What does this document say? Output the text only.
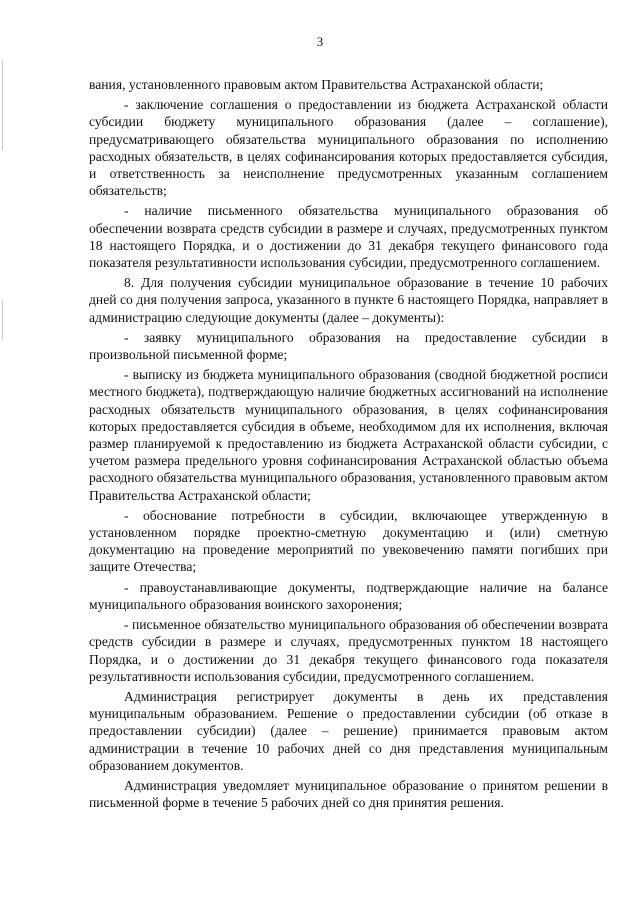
3

вания, установленного правовым актом Правительства Астраханской области;

- заключение соглашения о предоставлении из бюджета Астраханской области субсидии бюджету муниципального образования (далее – соглашение), предусматривающего обязательства муниципального образования по исполнению расходных обязательств, в целях софинансирования которых предоставляется субсидия, и ответственность за неисполнение предусмотренных указанным соглашением обязательств;

- наличие письменного обязательства муниципального образования об обеспечении возврата средств субсидии в размере и случаях, предусмотренных пунктом 18 настоящего Порядка, и о достижении до 31 декабря текущего финансового года показателя результативности использования субсидии, предусмотренного соглашением.

8. Для получения субсидии муниципальное образование в течение 10 рабочих дней со дня получения запроса, указанного в пункте 6 настоящего Порядка, направляет в администрацию следующие документы (далее – документы):

- заявку муниципального образования на предоставление субсидии в произвольной письменной форме;

- выписку из бюджета муниципального образования (сводной бюджетной росписи местного бюджета), подтверждающую наличие бюджетных ассигнований на исполнение расходных обязательств муниципального образования, в целях софинансирования которых предоставляется субсидия в объеме, необходимом для их исполнения, включая размер планируемой к предоставлению из бюджета Астраханской области субсидии, с учетом размера предельного уровня софинансирования Астраханской областью объема расходного обязательства муниципального образования, установленного правовым актом Правительства Астраханской области;

- обоснование потребности в субсидии, включающее утвержденную в установленном порядке проектно-сметную документацию и (или) сметную документацию на проведение мероприятий по увековечению памяти погибших при защите Отечества;

- правоустанавливающие документы, подтверждающие наличие на балансе муниципального образования воинского захоронения;

- письменное обязательство муниципального образования об обеспечении возврата средств субсидии в размере и случаях, предусмотренных пунктом 18 настоящего Порядка, и о достижении до 31 декабря текущего финансового года показателя результативности использования субсидии, предусмотренного соглашением.

Администрация регистрирует документы в день их представления муниципальным образованием. Решение о предоставлении субсидии (об отказе в предоставлении субсидии) (далее – решение) принимается правовым актом администрации в течение 10 рабочих дней со дня представления муниципальным образованием документов.

Администрация уведомляет муниципальное образование о принятом решении в письменной форме в течение 5 рабочих дней со дня принятия решения.
